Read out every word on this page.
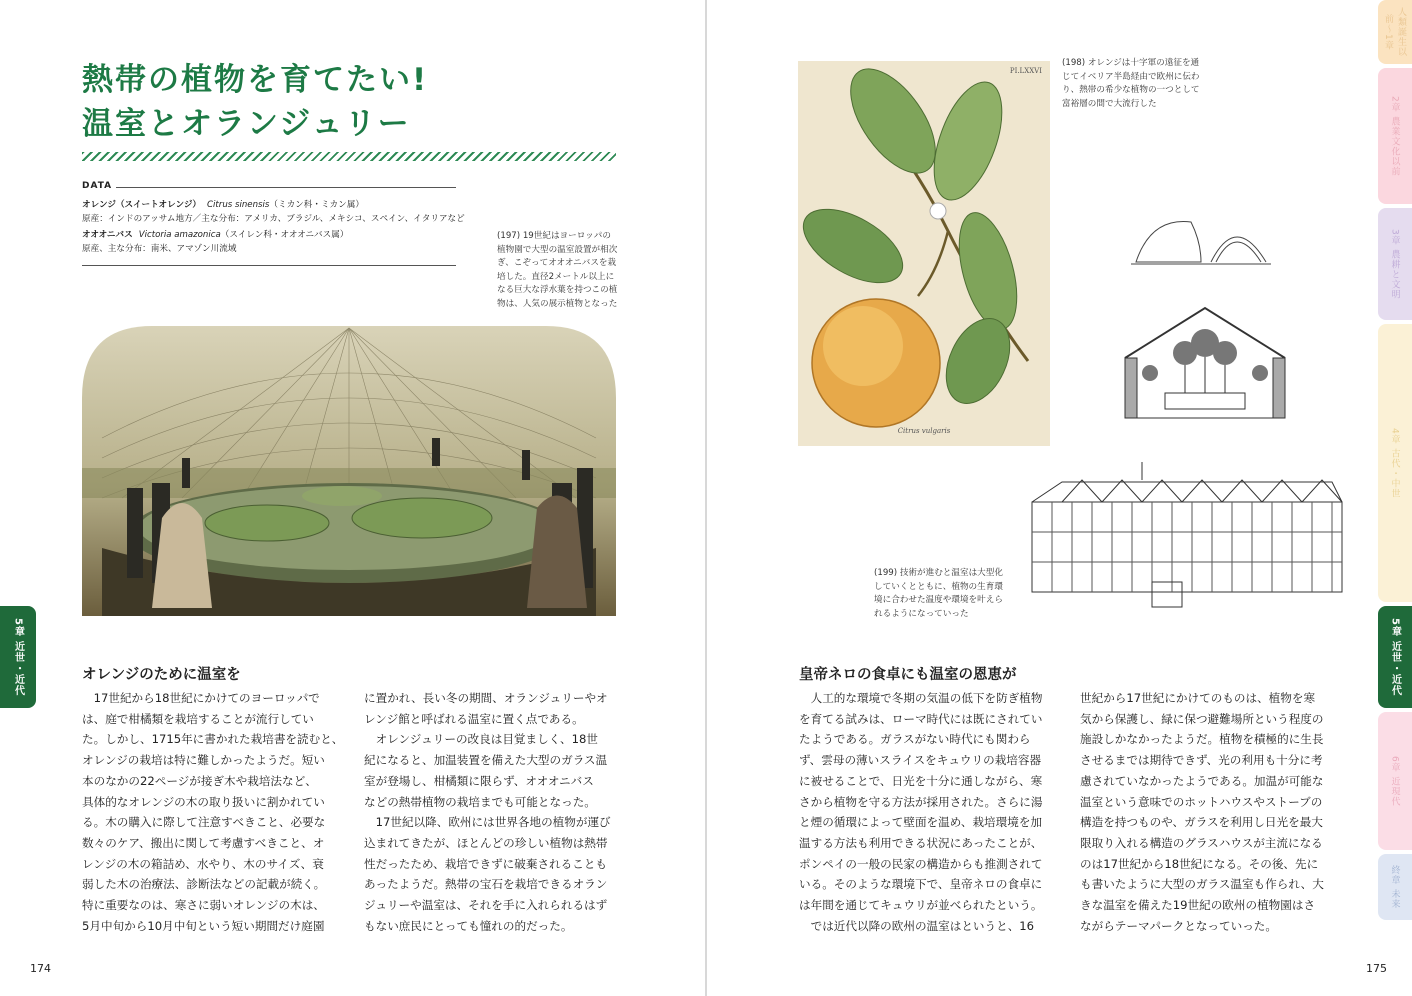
熱帯の植物を育てたい!
温室とオランジュリー
DATA
オレンジ（スイートオレンジ） Citrus sinensis（ミカン科・ミカン属）
原産：インドのアッサム地方／主な分布：アメリカ、ブラジル、メキシコ、スペイン、イタリアなど
オオオニバス Victoria amazonica（スイレン科・オオオニバス属）
原産、主な分布：南米、アマゾン川流域
(197) 19世紀はヨーロッパの
植物園で大型の温室設置が相次
ぎ、こぞってオオオニバスを栽
培した。直径2メートル以上に
なる巨大な浮水葉を持つこの植
物は、人気の展示植物となった
オレンジのために温室を
　17世紀から18世紀にかけてのヨーロッパで
は、庭で柑橘類を栽培することが流行してい
た。しかし、1715年に書かれた栽培書を読むと、
オレンジの栽培は特に難しかったようだ。短い
本のなかの22ページが接ぎ木や栽培法など、
具体的なオレンジの木の取り扱いに割かれてい
る。木の購入に際して注意すべきこと、必要な
数々のケア、搬出に関して考慮すべきこと、オ
レンジの木の箱詰め、水やり、木のサイズ、衰
弱した木の治療法、診断法などの記載が続く。
特に重要なのは、寒さに弱いオレンジの木は、
5月中旬から10月中旬という短い期間だけ庭園
に置かれ、長い冬の期間、オランジュリーやオ
レンジ館と呼ばれる温室に置く点である。
　オレンジュリーの改良は目覚ましく、18世
紀になると、加温装置を備えた大型のガラス温
室が登場し、柑橘類に限らず、オオオニバス
などの熱帯植物の栽培までも可能となった。
　17世紀以降、欧州には世界各地の植物が運び
込まれてきたが、ほとんどの珍しい植物は熱帯
性だったため、栽培できずに破棄されることも
あったようだ。熱帯の宝石を栽培できるオラン
ジュリーや温室は、それを手に入れられるはず
もない庶民にとっても憧れの的だった。
174
5章 近世・近代
PI.LXXVI
Citrus vulgaris
(198) オレンジは十字軍の遠征を通
じてイベリア半島経由で欧州に伝わ
り、熱帯の希少な植物の一つとして
富裕層の間で大流行した
(199) 技術が進むと温室は大型化
していくとともに、植物の生育環
境に合わせた温度や環境を叶えら
れるようになっていった
皇帝ネロの食卓にも温室の恩恵が
　人工的な環境で冬期の気温の低下を防ぎ植物
を育てる試みは、ローマ時代には既にされてい
たようである。ガラスがない時代にも関わら
ず、雲母の薄いスライスをキュウリの栽培容器
に被せることで、日光を十分に通しながら、寒
さから植物を守る方法が採用された。さらに湯
と煙の循環によって壁面を温め、栽培環境を加
温する方法も利用できる状況にあったことが、
ポンペイの一般の民家の構造からも推測されて
いる。そのような環境下で、皇帝ネロの食卓に
は年間を通じてキュウリが並べられたという。
　では近代以降の欧州の温室はというと、16
世紀から17世紀にかけてのものは、植物を寒
気から保護し、緑に保つ避難場所という程度の
施設しかなかったようだ。植物を積極的に生長
させるまでは期待できず、光の利用も十分に考
慮されていなかったようである。加温が可能な
温室という意味でのホットハウスやストーブの
構造を持つものや、ガラスを利用し日光を最大
限取り入れる構造のグラスハウスが主流になる
のは17世紀から18世紀になる。その後、先に
も書いたように大型のガラス温室も作られ、大
きな温室を備えた19世紀の欧州の植物園はさ
ながらテーマパークとなっていった。
175
人類誕生以前〜1章
2章 農業文化以前
3章 農耕と文明
4章 古代・中世
5章 近世・近代
6章 近現代
終章 未来
